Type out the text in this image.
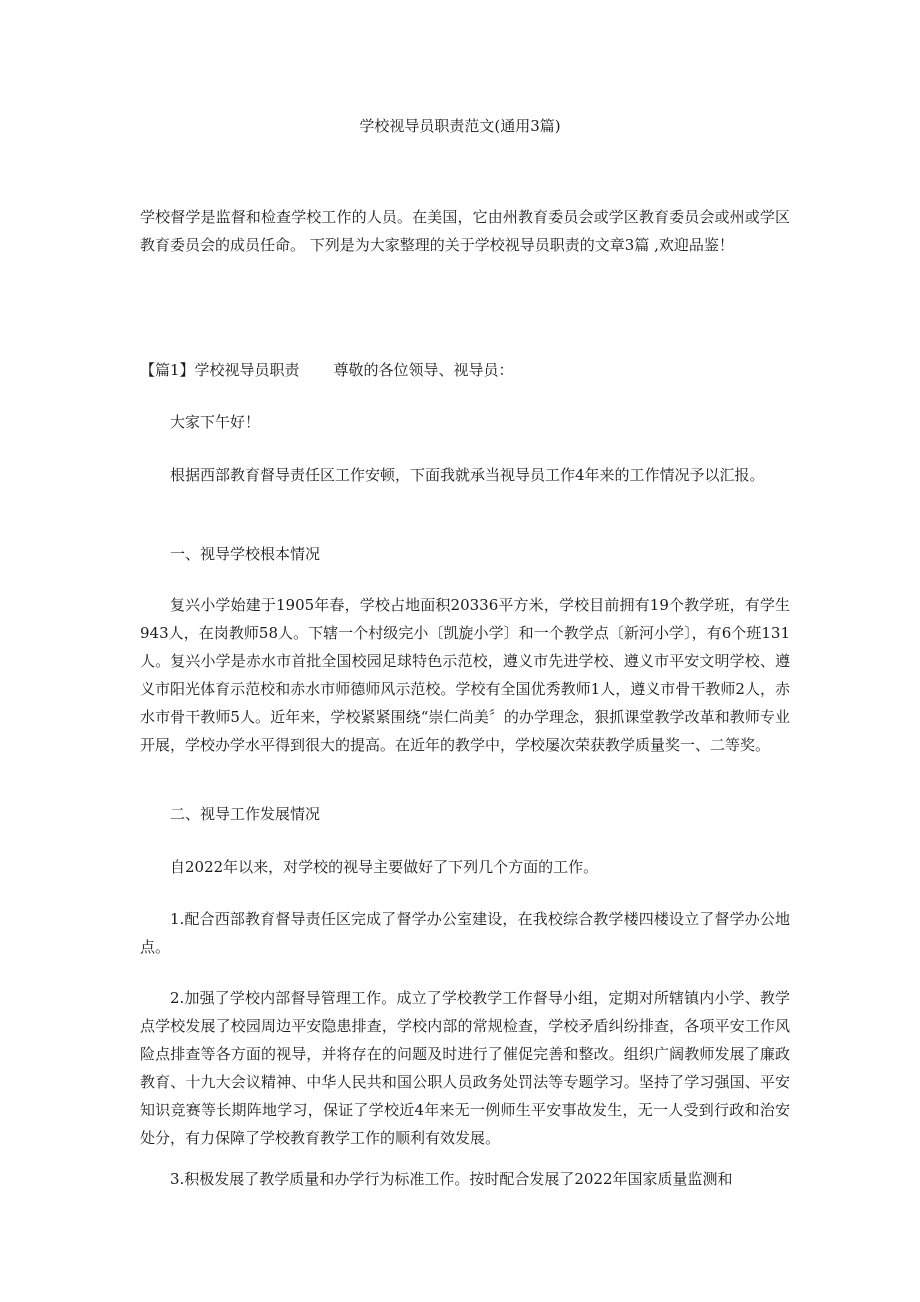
学校视导员职责范文(通用3篇)

学校督学是监督和检查学校工作的人员。在美国，它由州教育委员会或学区教育委员会或州或学区教育委员会的成员任命。 下列是为大家整理的关于学校视导员职责的文章3篇 ,欢迎品鉴！

【篇1】学校视导员职责 尊敬的各位领导、视导员：

大家下午好！

根据西部教育督导责任区工作安顿，下面我就承当视导员工作4年来的工作情况予以汇报。

一、视导学校根本情况

复兴小学始建于1905年春，学校占地面积20336平方米，学校目前拥有19个教学班，有学生943人，在岗教师58人。下辖一个村级完小〔凯旋小学〕和一个教学点〔新河小学〕，有6个班131人。复兴小学是赤水市首批全国校园足球特色示范校，遵义市先进学校、遵义市平安文明学校、遵义市阳光体育示范校和赤水市师德师风示范校。学校有全国优秀教师1人，遵义市骨干教师2人，赤水市骨干教师5人。近年来，学校紧紧围绕“崇仁尚美〞的办学理念，狠抓课堂教学改革和教师专业开展，学校办学水平得到很大的提高。在近年的教学中，学校屡次荣获教学质量奖一、二等奖。

二、视导工作发展情况

自2022年以来，对学校的视导主要做好了下列几个方面的工作。

1.配合西部教育督导责任区完成了督学办公室建设，在我校综合教学楼四楼设立了督学办公地点。

2.加强了学校内部督导管理工作。成立了学校教学工作督导小组，定期对所辖镇内小学、教学点学校发展了校园周边平安隐患排查，学校内部的常规检查，学校矛盾纠纷排查，各项平安工作风险点排查等各方面的视导，并将存在的问题及时进行了催促完善和整改。组织广阔教师发展了廉政教育、十九大会议精神、中华人民共和国公职人员政务处罚法等专题学习。坚持了学习强国、平安知识竞赛等长期阵地学习，保证了学校近4年来无一例师生平安事故发生，无一人受到行政和治安处分，有力保障了学校教育教学工作的顺利有效发展。

3.积极发展了教学质量和办学行为标准工作。按时配合发展了2022年国家质量监测和
